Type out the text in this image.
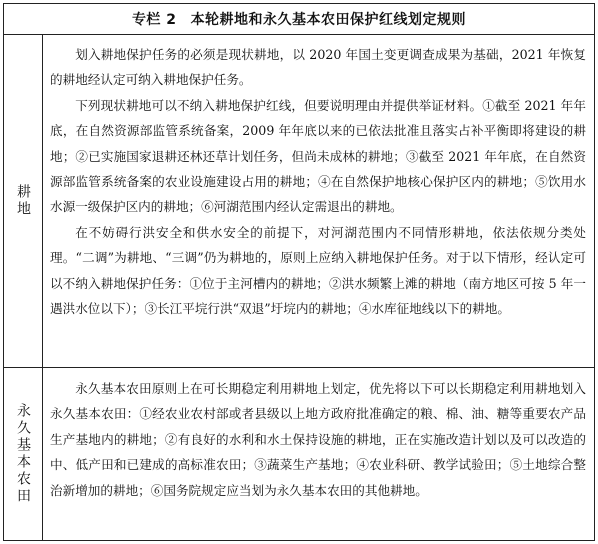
专栏 2 本轮耕地和永久基本农田保护红线划定规则
耕地

划入耕地保护任务的必须是现状耕地，以 2020 年国土变更调查成果为基础，2021 年恢复的耕地经认定可纳入耕地保护任务。

下列现状耕地可以不纳入耕地保护红线，但要说明理由并提供举证材料。①截至 2021 年年底，在自然资源部监管系统备案，2009 年年底以来的已依法批准且落实占补平衡即将建设的耕地；②已实施国家退耕还林还草计划任务，但尚未成林的耕地；③截至 2021 年年底，在自然资源部监管系统备案的农业设施建设占用的耕地；④在自然保护地核心保护区内的耕地；⑤饮用水水源一级保护区内的耕地；⑥河湖范围内经认定需退出的耕地。

在不妨碍行洪安全和供水安全的前提下，对河湖范围内不同情形耕地，依法依规分类处理。“二调”为耕地、“三调”仍为耕地的，原则上应纳入耕地保护任务。对于以下情形，经认定可以不纳入耕地保护任务：①位于主河槽内的耕地；②洪水频繁上滩的耕地（南方地区可按 5 年一遇洪水位以下）；③长江平垸行洪“双退”圩垸内的耕地；④水库征地线以下的耕地。

永久基本农田

永久基本农田原则上在可长期稳定利用耕地上划定，优先将以下可以长期稳定利用耕地划入永久基本农田：①经农业农村部或者县级以上地方政府批准确定的粮、棉、油、糖等重要农产品生产基地内的耕地；②有良好的水利和水土保持设施的耕地，正在实施改造计划以及可以改造的中、低产田和已建成的高标准农田；③蔬菜生产基地；④农业科研、教学试验田；⑤土地综合整治新增加的耕地；⑥国务院规定应当划为永久基本农田的其他耕地。
